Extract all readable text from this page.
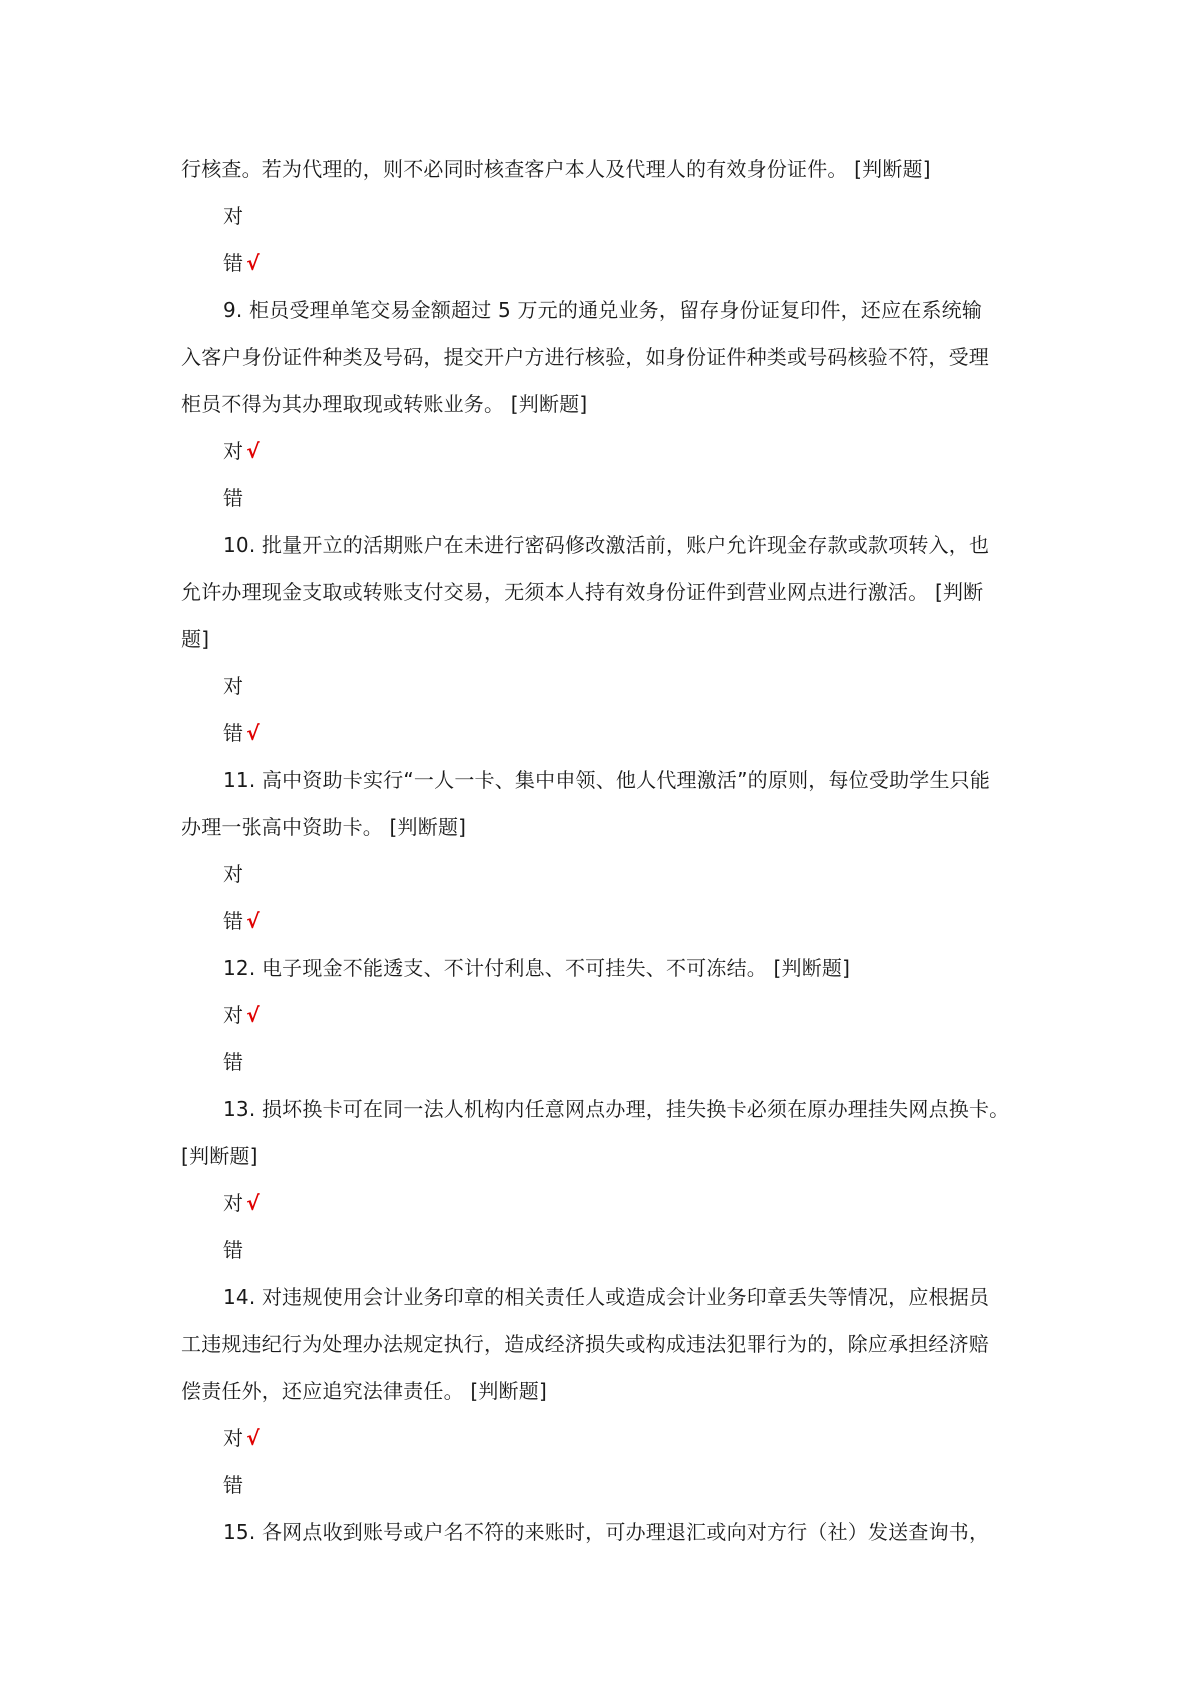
行核查。若为代理的，则不必同时核查客户本人及代理人的有效身份证件。 [判断题]
对
错 √
9. 柜员受理单笔交易金额超过 5 万元的通兑业务，留存身份证复印件，还应在系统输
入客户身份证件种类及号码，提交开户方进行核验，如身份证件种类或号码核验不符，受理
柜员不得为其办理取现或转账业务。 [判断题]
对 √
错
10. 批量开立的活期账户在未进行密码修改激活前，账户允许现金存款或款项转入，也
允许办理现金支取或转账支付交易，无须本人持有效身份证件到营业网点进行激活。 [判断
题]
对
错 √
11. 高中资助卡实行“一人一卡、集中申领、他人代理激活”的原则，每位受助学生只能
办理一张高中资助卡。 [判断题]
对
错 √
12. 电子现金不能透支、不计付利息、不可挂失、不可冻结。 [判断题]
对 √
错
13. 损坏换卡可在同一法人机构内任意网点办理，挂失换卡必须在原办理挂失网点换卡。
[判断题]
对 √
错
14. 对违规使用会计业务印章的相关责任人或造成会计业务印章丢失等情况，应根据员
工违规违纪行为处理办法规定执行，造成经济损失或构成违法犯罪行为的，除应承担经济赔
偿责任外，还应追究法律责任。 [判断题]
对 √
错
15. 各网点收到账号或户名不符的来账时，可办理退汇或向对方行（社）发送查询书，
